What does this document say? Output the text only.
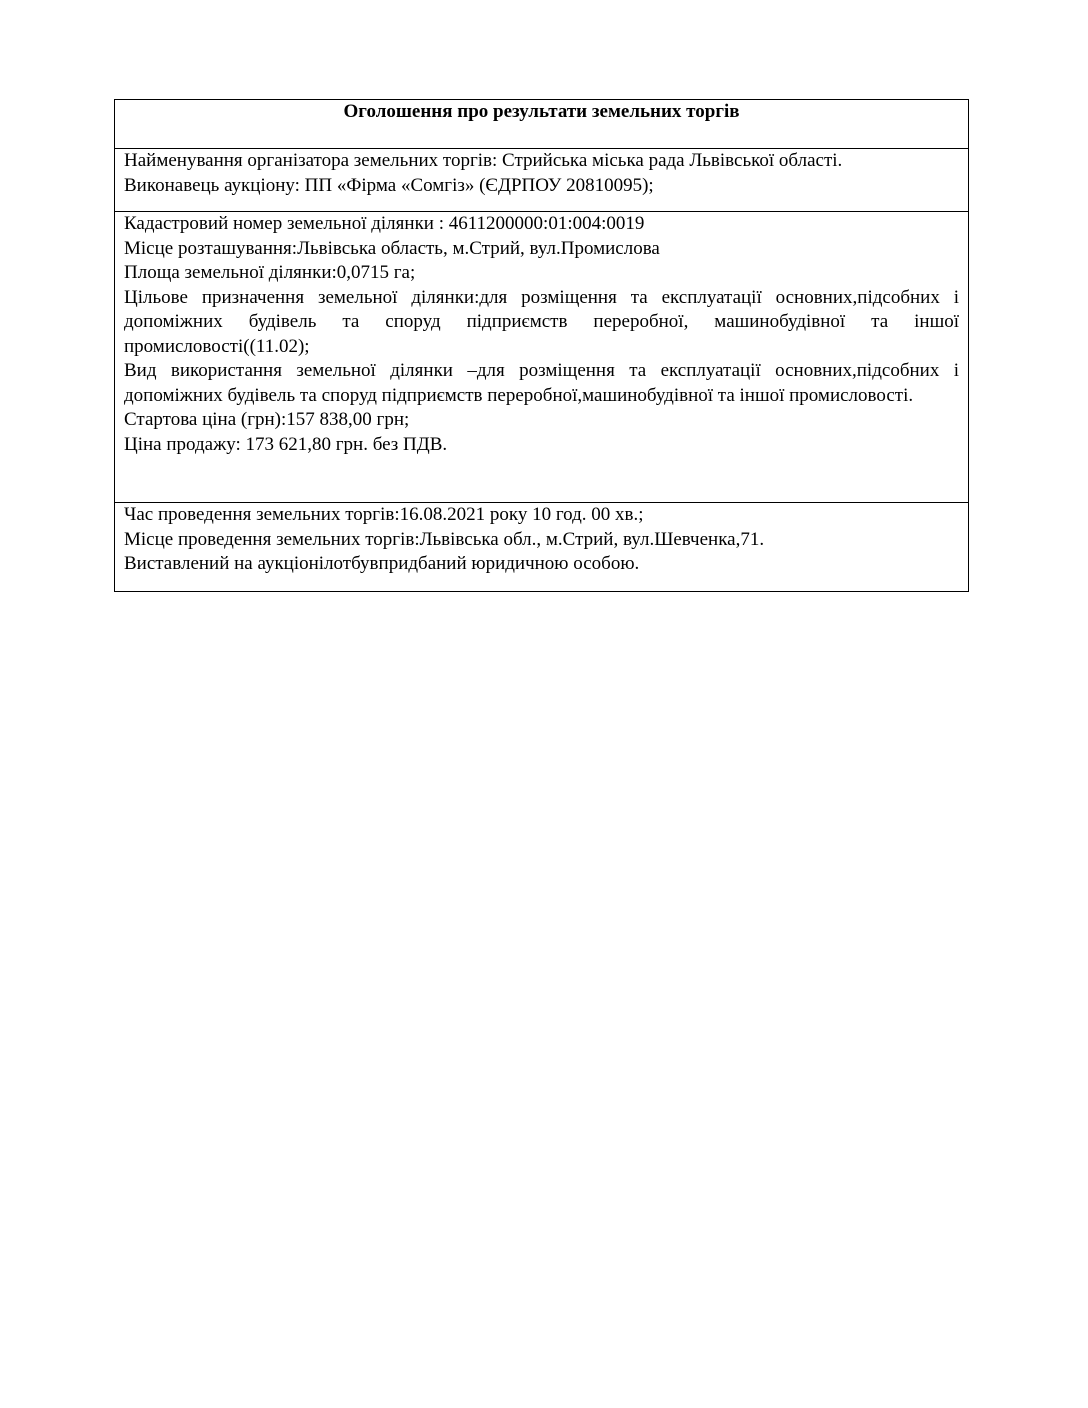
Оголошення про результати земельних торгів

Найменування організатора земельних торгів: Стрийська міська рада Львівської області.
Виконавець аукціону: ПП «Фірма «Сомгіз» (ЄДРПОУ 20810095);

Кадастровий номер земельної ділянки : 4611200000:01:004:0019
Місце розташування:Львівська область, м.Стрий, вул.Промислова
Площа земельної ділянки:0,0715 га;
Цільове призначення земельної ділянки:для розміщення та експлуатації основних,підсобних і допоміжних будівель та споруд підприємств переробної, машинобудівної та іншої промисловості((11.02);
Вид використання земельної ділянки –для розміщення та експлуатації основних,підсобних і допоміжних будівель та споруд підприємств переробної,машинобудівної та іншої промисловості.
Стартова ціна (грн):157 838,00 грн;
Ціна продажу: 173 621,80 грн. без ПДВ.

Час проведення земельних торгів:16.08.2021 року 10 год. 00 хв.;
Місце проведення земельних торгів:Львівська обл., м.Стрий, вул.Шевченка,71.
Виставлений на аукціонілотбувпридбаний юридичною особою.
